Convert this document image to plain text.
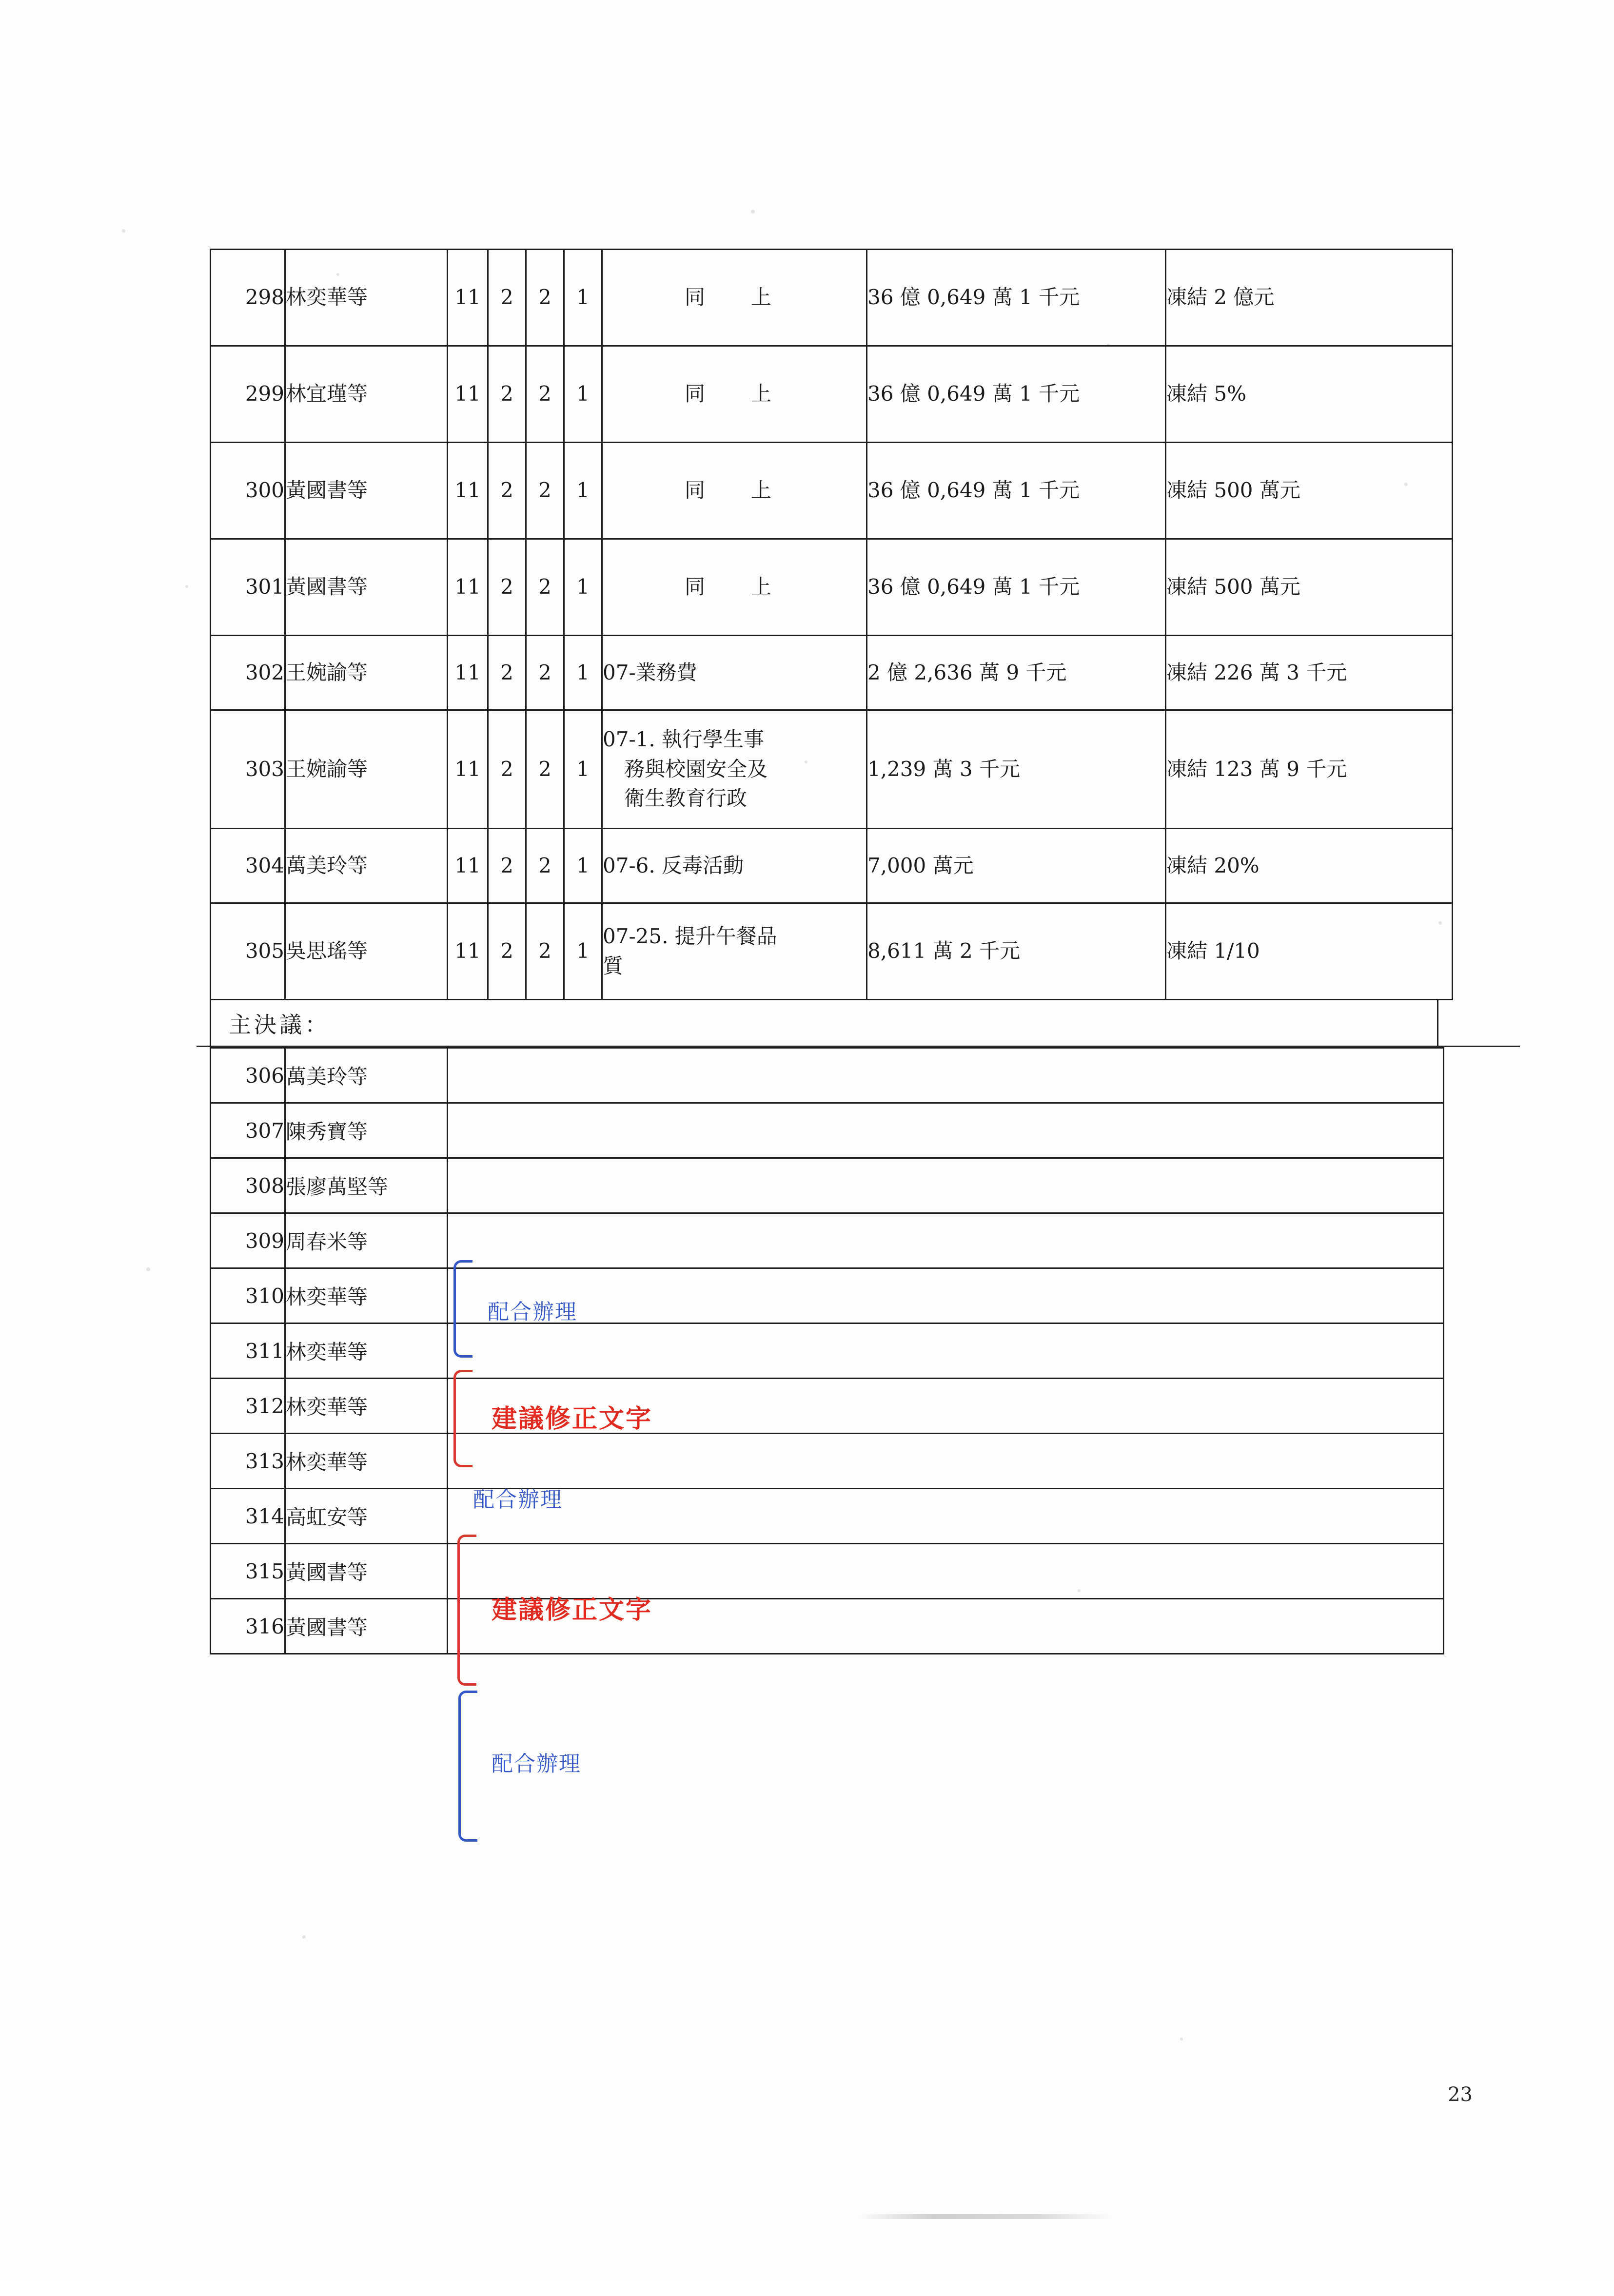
298	林奕華等	11	2	2	1	同　上	36 億 0,649 萬 1 千元	凍結 2 億元
299	林宜瑾等	11	2	2	1	同　上	36 億 0,649 萬 1 千元	凍結 5%
300	黃國書等	11	2	2	1	同　上	36 億 0,649 萬 1 千元	凍結 500 萬元
301	黃國書等	11	2	2	1	同　上	36 億 0,649 萬 1 千元	凍結 500 萬元
302	王婉諭等	11	2	2	1	07-業務費	2 億 2,636 萬 9 千元	凍結 226 萬 3 千元
303	王婉諭等	11	2	2	1	07-1. 執行學生事
務與校園安全及
衛生教育行政	1,239 萬 3 千元	凍結 123 萬 9 千元
304	萬美玲等	11	2	2	1	07-6. 反毒活動	7,000 萬元	凍結 20%
305	吳思瑤等	11	2	2	1	07-25. 提升午餐品
質	8,611 萬 2 千元	凍結 1/10
主決議：
306	萬美玲等	
307	陳秀寶等	
308	張廖萬堅等	
309	周春米等	
310	林奕華等	
311	林奕華等	
312	林奕華等	
313	林奕華等	
314	高虹安等	
315	黃國書等	
316	黃國書等	
配合辦理
建議修正文字
配合辦理
建議修正文字
配合辦理
23
